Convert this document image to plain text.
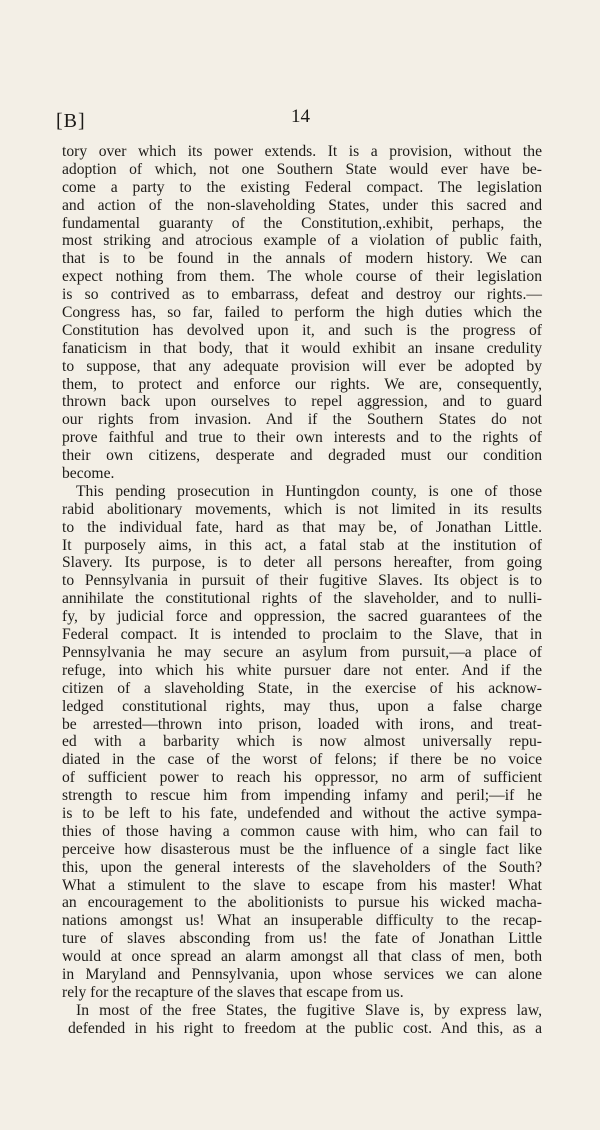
[B]	14
tory over which its power extends. It is a provision, without the
adoption of which, not one Southern State would ever have be-
come a party to the existing Federal compact. The legislation
and action of the non-slaveholding States, under this sacred and
fundamental guaranty of the Constitution,.exhibit, perhaps, the
most striking and atrocious example of a violation of public faith,
that is to be found in the annals of modern history. We can
expect nothing from them. The whole course of their legislation
is so contrived as to embarrass, defeat and destroy our rights.—
Congress has, so far, failed to perform the high duties which the
Constitution has devolved upon it, and such is the progress of
fanaticism in that body, that it would exhibit an insane credulity
to suppose, that any adequate provision will ever be adopted by
them, to protect and enforce our rights. We are, consequently,
thrown back upon ourselves to repel aggression, and to guard
our rights from invasion. And if the Southern States do not
prove faithful and true to their own interests and to the rights of
their own citizens, desperate and degraded must our condition
become.
This pending prosecution in Huntingdon county, is one of those
rabid abolitionary movements, which is not limited in its results
to the individual fate, hard as that may be, of Jonathan Little.
It purposely aims, in this act, a fatal stab at the institution of
Slavery. Its purpose, is to deter all persons hereafter, from going
to Pennsylvania in pursuit of their fugitive Slaves. Its object is to
annihilate the constitutional rights of the slaveholder, and to nulli-
fy, by judicial force and oppression, the sacred guarantees of the
Federal compact. It is intended to proclaim to the Slave, that in
Pennsylvania he may secure an asylum from pursuit,—a place of
refuge, into which his white pursuer dare not enter. And if the
citizen of a slaveholding State, in the exercise of his acknow-
ledged constitutional rights, may thus, upon a false charge
be arrested—thrown into prison, loaded with irons, and treat-
ed with a barbarity which is now almost universally repu-
diated in the case of the worst of felons; if there be no voice
of sufficient power to reach his oppressor, no arm of sufficient
strength to rescue him from impending infamy and peril;—if he
is to be left to his fate, undefended and without the active sympa-
thies of those having a common cause with him, who can fail to
perceive how disasterous must be the influence of a single fact like
this, upon the general interests of the slaveholders of the South?
What a stimulent to the slave to escape from his master! What
an encouragement to the abolitionists to pursue his wicked macha-
nations amongst us! What an insuperable difficulty to the recap-
ture of slaves absconding from us! the fate of Jonathan Little
would at once spread an alarm amongst all that class of men, both
in Maryland and Pennsylvania, upon whose services we can alone
rely for the recapture of the slaves that escape from us.
In most of the free States, the fugitive Slave is, by express law,
defended in his right to freedom at the public cost. And this, as a
